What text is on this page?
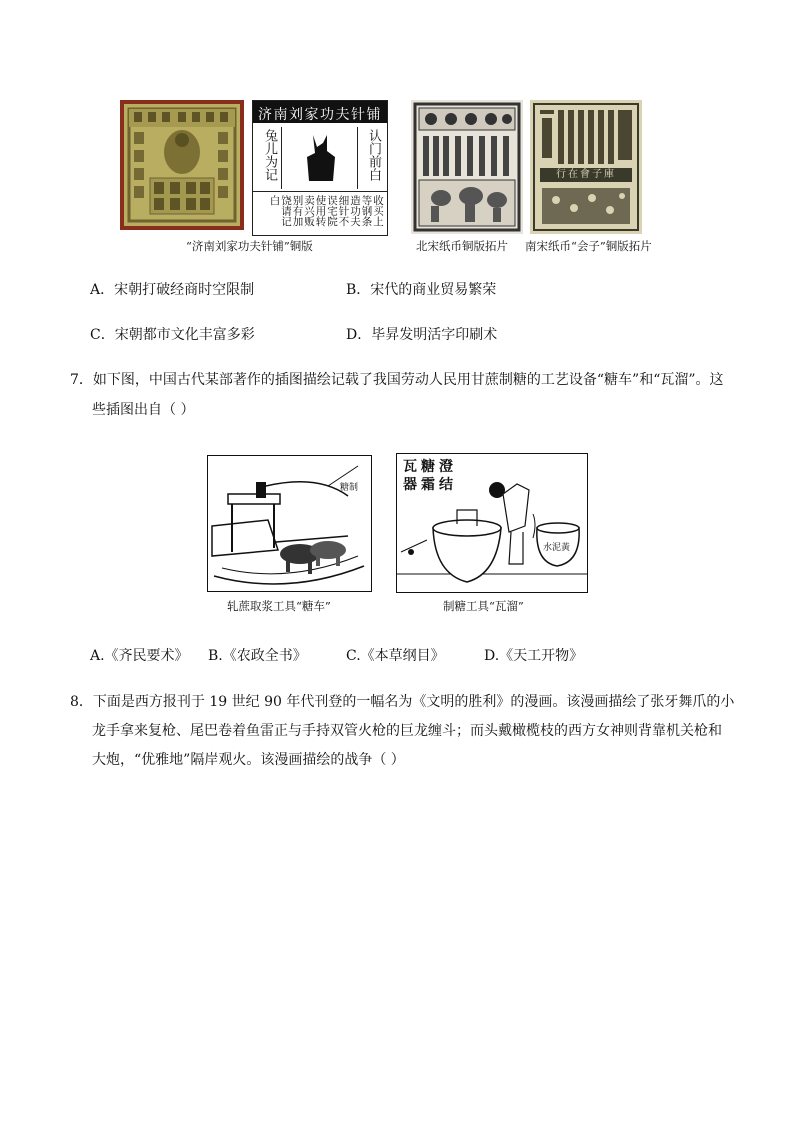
济南刘家功夫针铺
兔儿为记	认门前白
收买上等钢条造功夫细针不误宅院使用转卖兴贩别有加饶请记白
行在會子庫
“济南刘家功夫针铺”铜版	北宋纸币铜版拓片 南宋纸币“会子”铜版拓片
A．宋朝打破经商时空限制	B．宋代的商业贸易繁荣
C．宋朝都市文化丰富多彩	D．毕昇发明活字印刷术
7．如下图，中国古代某部著作的插图描绘记载了我国劳动人民用甘蔗制糖的工艺设备“糖车”和“瓦溜”。这
些插图出自（ ）
糖制
瓦糖澄
器霜结
水泥黃
轧蔗取浆工具“糖车”	制糖工具“瓦溜”
A.《齐民要术》 B.《农政全书》	C.《本草纲目》	D.《天工开物》
8．下面是西方报刊于 19 世纪 90 年代刊登的一幅名为《文明的胜利》的漫画。该漫画描绘了张牙舞爪的小
龙手拿来复枪、尾巴卷着鱼雷正与手持双管火枪的巨龙缠斗；而头戴橄榄枝的西方女神则背靠机关枪和
大炮，“优雅地”隔岸观火。该漫画描绘的战争（ ）
